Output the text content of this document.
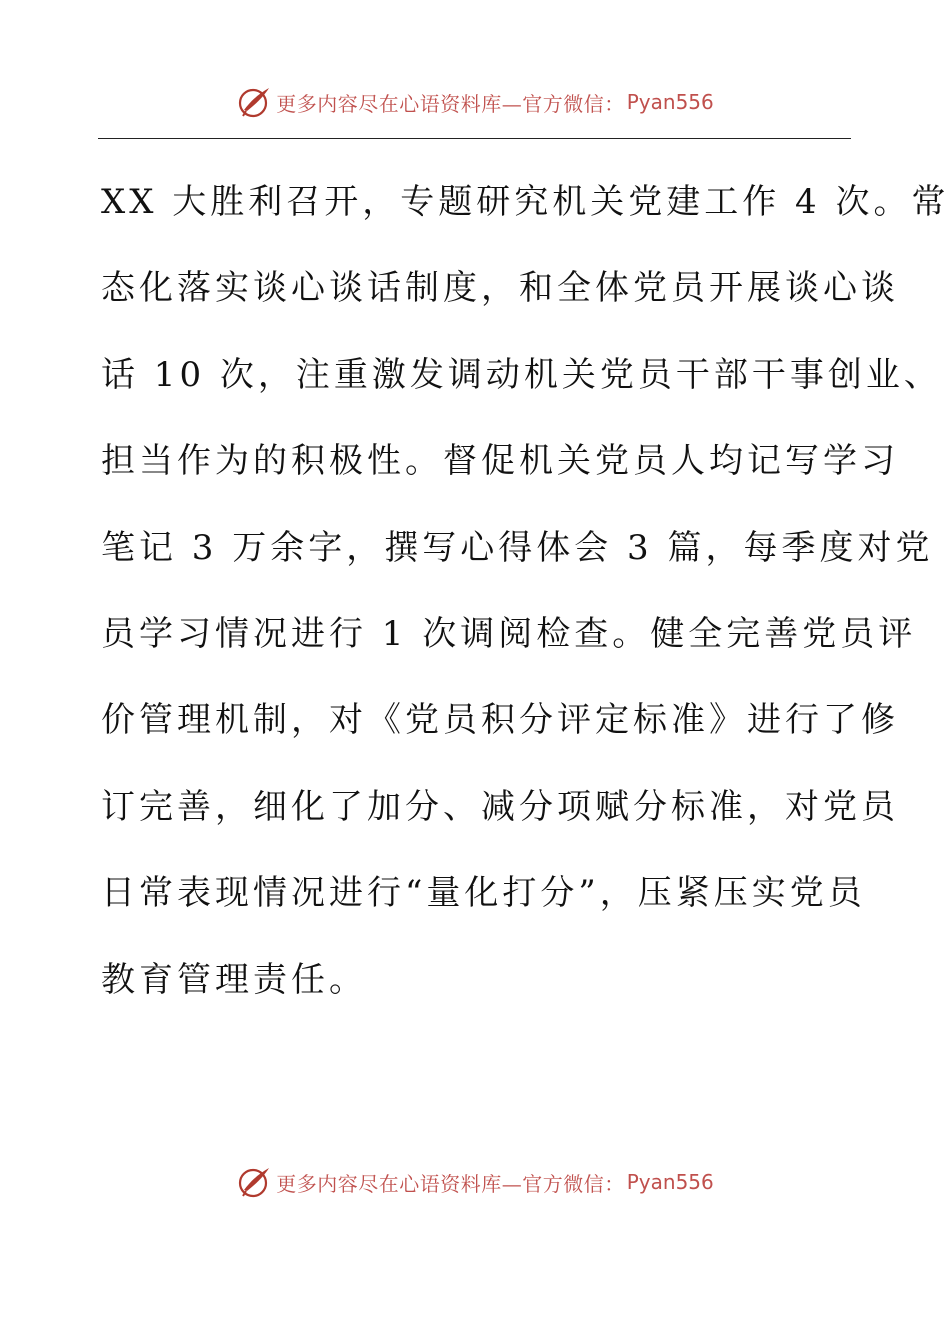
更多内容尽在心语资料库—官方微信： Pyan556
XX 大胜利召开，专题研究机关党建工作 4 次。常
态化落实谈心谈话制度，和全体党员开展谈心谈
话 10 次，注重激发调动机关党员干部干事创业、
担当作为的积极性。督促机关党员人均记写学习
笔记 3 万余字，撰写心得体会 3 篇，每季度对党
员学习情况进行 1 次调阅检查。健全完善党员评
价管理机制，对《党员积分评定标准》进行了修
订完善，细化了加分、减分项赋分标准，对党员
日常表现情况进行“量化打分”，压紧压实党员
教育管理责任。
更多内容尽在心语资料库—官方微信： Pyan556
